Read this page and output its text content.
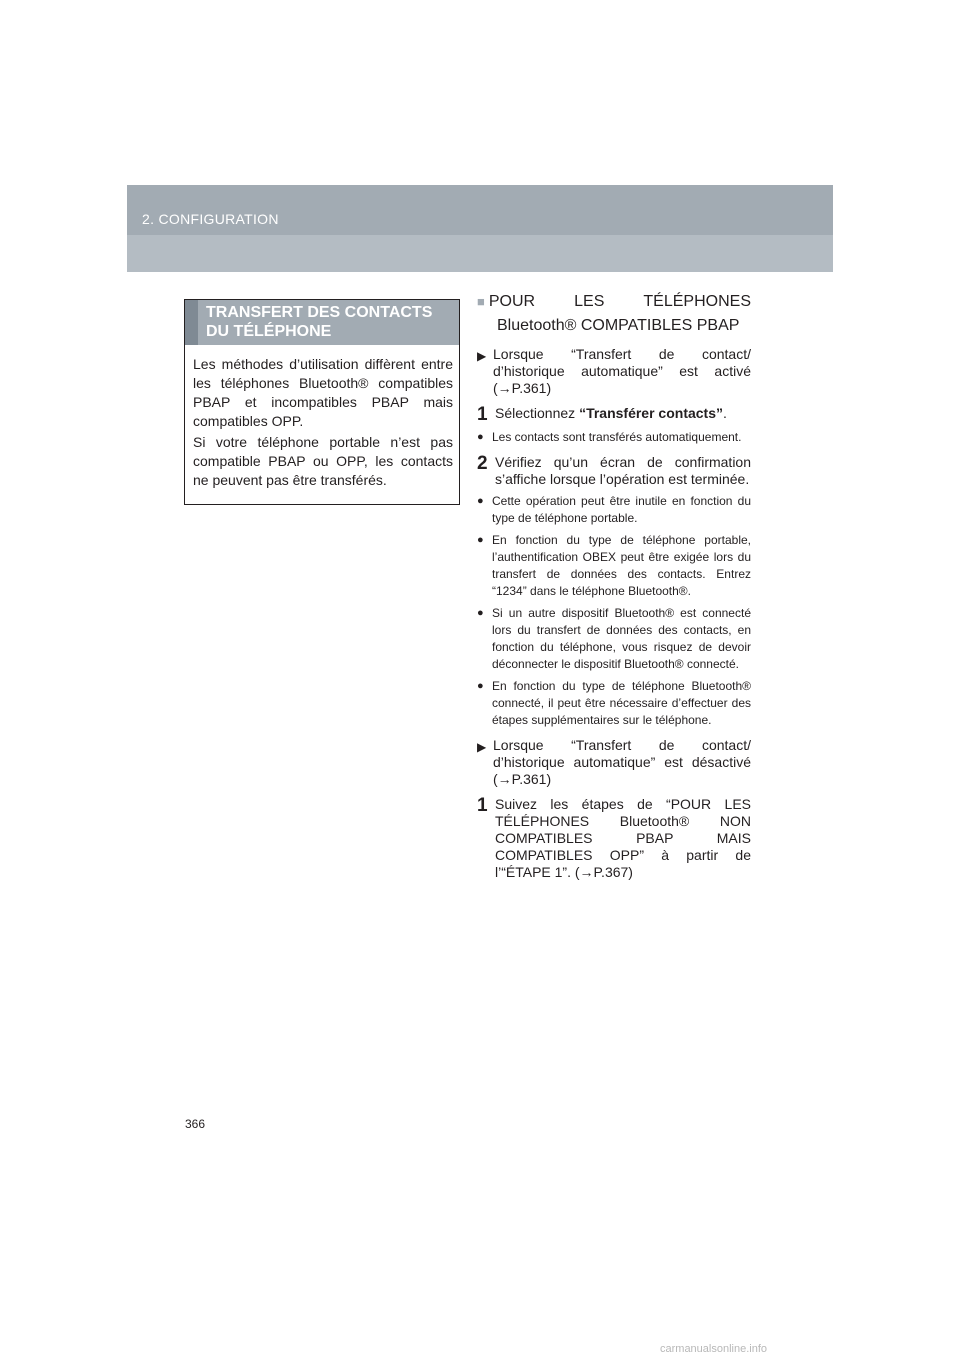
2. CONFIGURATION
TRANSFERT DES CONTACTS
DU TÉLÉPHONE

Les méthodes d’utilisation diffèrent entre les téléphones Bluetooth® compatibles PBAP et incompatibles PBAP mais compatibles OPP.

Si votre téléphone portable n’est pas compatible PBAP ou OPP, les contacts ne peuvent pas être transférés.

■ POUR LES TÉLÉPHONES
Bluetooth® COMPATIBLES PBAP
▶ Lorsque “Transfert de contact/ d’historique automatique” est activé (→P.361)
1 Sélectionnez “Transférer contacts”.
● Les contacts sont transférés automatiquement.
2 Vérifiez qu’un écran de confirmation s’affiche lorsque l’opération est terminée.
● Cette opération peut être inutile en fonction du type de téléphone portable.
● En fonction du type de téléphone portable, l’authentification OBEX peut être exigée lors du transfert de données des contacts. Entrez “1234” dans le téléphone Bluetooth®.
● Si un autre dispositif Bluetooth® est connecté lors du transfert de données des contacts, en fonction du téléphone, vous risquez de devoir déconnecter le dispositif Bluetooth® connecté.
● En fonction du type de téléphone Bluetooth® connecté, il peut être nécessaire d’effectuer des étapes supplémentaires sur le téléphone.
▶ Lorsque “Transfert de contact/ d’historique automatique” est désactivé (→P.361)
1 Suivez les étapes de “POUR LES TÉLÉPHONES Bluetooth® NON COMPATIBLES PBAP MAIS COMPATIBLES OPP” à partir de l’“ÉTAPE 1”. (→P.367)
366
carmanualsonline.info
